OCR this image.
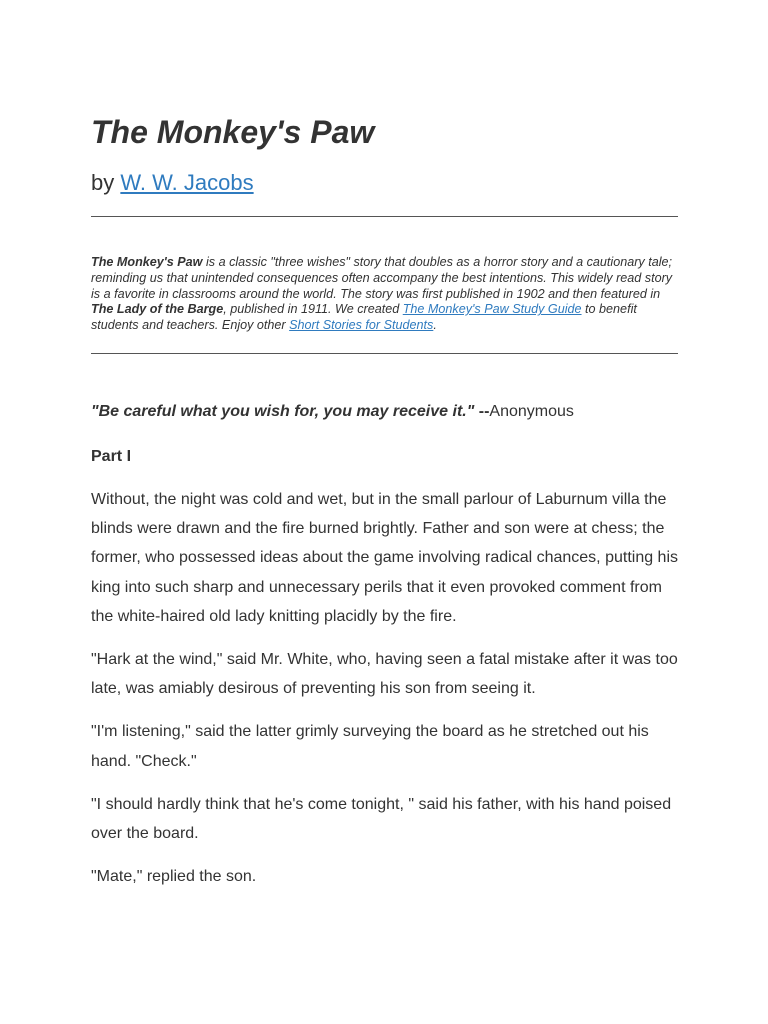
The Monkey's Paw
by W. W. Jacobs
The Monkey's Paw is a classic "three wishes" story that doubles as a horror story and a cautionary tale; reminding us that unintended consequences often accompany the best intentions. This widely read story is a favorite in classrooms around the world. The story was first published in 1902 and then featured in The Lady of the Barge, published in 1911. We created The Monkey's Paw Study Guide to benefit students and teachers. Enjoy other Short Stories for Students.
"Be careful what you wish for, you may receive it." --Anonymous
Part I

Without, the night was cold and wet, but in the small parlour of Laburnum villa the blinds were drawn and the fire burned brightly. Father and son were at chess; the former, who possessed ideas about the game involving radical chances, putting his king into such sharp and unnecessary perils that it even provoked comment from the white-haired old lady knitting placidly by the fire.

"Hark at the wind," said Mr. White, who, having seen a fatal mistake after it was too late, was amiably desirous of preventing his son from seeing it.

"I'm listening," said the latter grimly surveying the board as he stretched out his hand. "Check."

"I should hardly think that he's come tonight, " said his father, with his hand poised over the board.

"Mate," replied the son.
